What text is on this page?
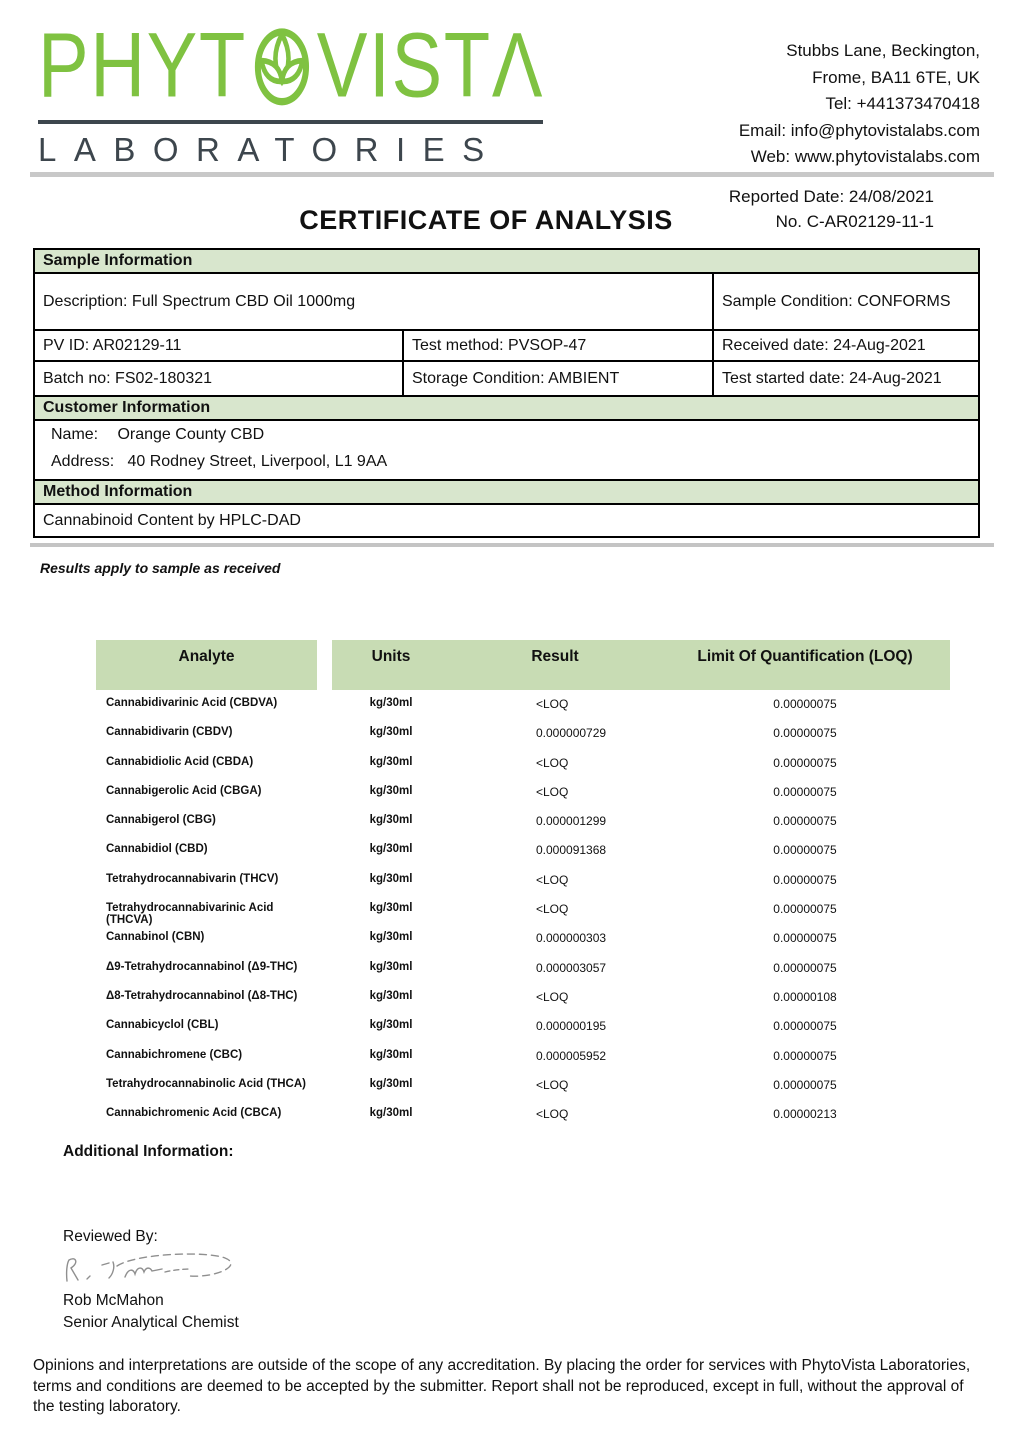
PHYT VISTΛ
LABORATORIES
Stubbs Lane, Beckington,
Frome, BA11 6TE, UK
Tel: +441373470418
Email: info@phytovistalabs.com
Web: www.phytovistalabs.com
Reported Date: 24/08/2021
CERTIFICATE OF ANALYSIS	No. C-AR02129-11-1
Sample Information		
Description: Full Spectrum CBD Oil 1000mg		Sample Condition: CONFORMS
PV ID: AR02129-11	Test method: PVSOP-47	Received date: 24-Aug-2021
Batch no: FS02-180321	Storage Condition: AMBIENT	Test started date: 24-Aug-2021
Customer Information		

Name: Orange County CBD
Address: 40 Rodney Street, Liverpool, L1 9AA		

Method Information		
Cannabinoid Content by HPLC-DAD		
Results apply to sample as received
Analyte	Units	Result	Limit Of Quantification (LOQ)
Cannabidivarinic Acid (CBDVA)	kg/30ml	<LOQ	0.00000075
Cannabidivarin (CBDV)	kg/30ml	0.000000729	0.00000075
Cannabidiolic Acid (CBDA)	kg/30ml	<LOQ	0.00000075
Cannabigerolic Acid (CBGA)	kg/30ml	<LOQ	0.00000075
Cannabigerol (CBG)	kg/30ml	0.000001299	0.00000075
Cannabidiol (CBD)	kg/30ml	0.000091368	0.00000075
Tetrahydrocannabivarin (THCV)	kg/30ml	<LOQ	0.00000075
Tetrahydrocannabivarinic Acid (THCVA)
kg/30ml	<LOQ	0.00000075
Cannabinol (CBN)	kg/30ml	0.000000303	0.00000075
Δ9-Tetrahydrocannabinol (Δ9-THC)	kg/30ml	0.000003057	0.00000075
Δ8-Tetrahydrocannabinol (Δ8-THC)	kg/30ml	<LOQ	0.00000108
Cannabicyclol (CBL)	kg/30ml	0.000000195	0.00000075
Cannabichromene (CBC)	kg/30ml	0.000005952	0.00000075
Tetrahydrocannabinolic Acid (THCA)	kg/30ml	<LOQ	0.00000075
Cannabichromenic Acid (CBCA)	kg/30ml	<LOQ	0.00000213
Additional Information:
Reviewed By:
Rob McMahon
Senior Analytical Chemist
Opinions and interpretations are outside of the scope of any accreditation. By placing the order for services with PhytoVista Laboratories,
terms and conditions are deemed to be accepted by the submitter. Report shall not be reproduced, except in full, without the approval of
the testing laboratory.
